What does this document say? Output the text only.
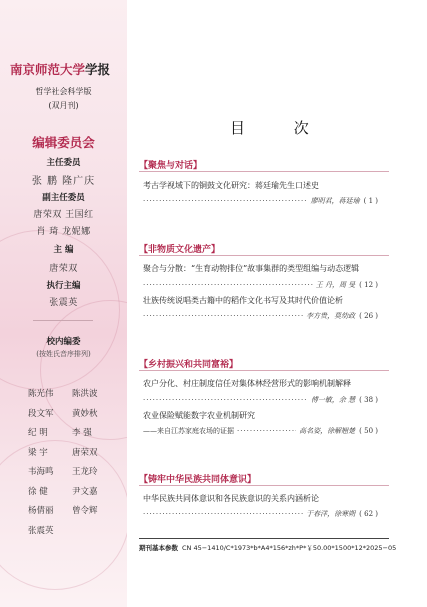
南京师范大学学报
哲学社会科学版
(双月刊)
编辑委员会
主任委员
张 鹏 隆广庆
副主任委员
唐荣双 王国红
肖 琦 龙妮娜
主 编
唐荣双
执行主编
张震英
校内编委
(按姓氏音序排列)
陈光伟 陈洪波
段文军 黄妙秋
纪 明	李 强
梁 宇	唐荣双
韦海鸣 王龙玲
徐 健	尹文嘉
杨倩丽 曾令辉
张震英
目 次
【聚焦与对话】
考古学视域下的铜鼓文化研究：蒋廷瑜先生口述史
·····
廖明君，蒋廷瑜 ( 1 )
【非物质文化遗产】
聚合与分散：“生育动物排位”故事集群的类型组编与动态逻辑
·····
王 丹，周 旻 ( 12 )
壮族传统说唱类古籍中的稻作文化书写及其时代价值论析
·····
李方贵，莫幼政 ( 26 )
【乡村振兴和共同富裕】
农户分化、村庄制度信任对集体林经营形式的影响机制解释
·····
傅一敏，余 慧 ( 38 )
农业保险赋能数字农业机制研究
——来自江苏家庭农场的证据
·····	高名姿，徐解翘楚 ( 50 )
【铸牢中华民族共同体意识】
中华民族共同体意识和各民族意识的关系内涵析论
·····
于春洋，徐寒朔 ( 62 )
期刊基本参数 CN 45−1410/C*1973*b*A4*156*zh*P*￥50.00*1500*12*2025−05
